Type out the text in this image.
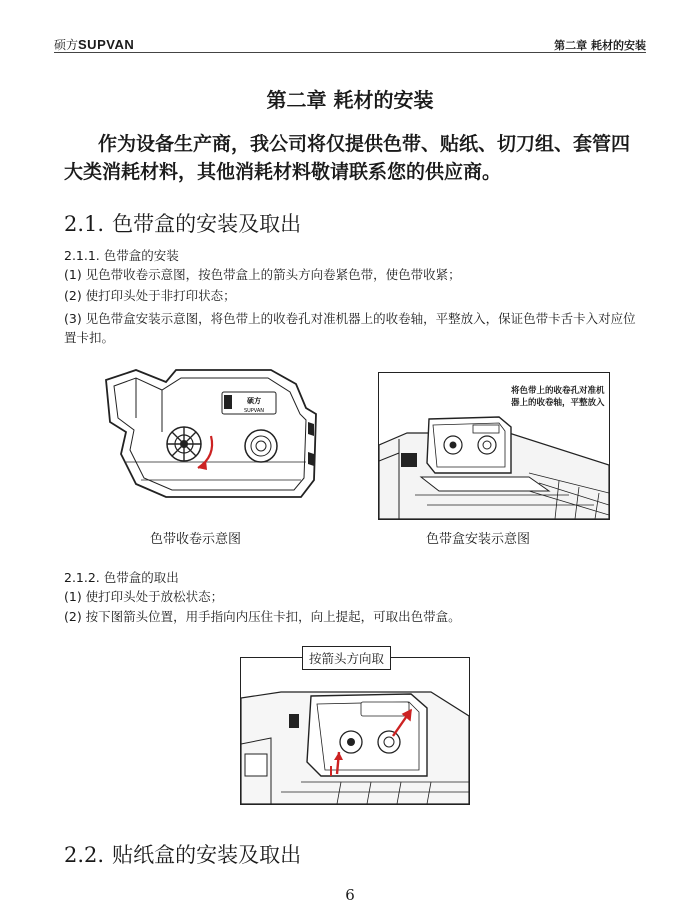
硕方SUPVAN	第二章 耗材的安装
第二章 耗材的安装
作为设备生产商，我公司将仅提供色带、贴纸、切刀组、套管四大类消耗材料，其他消耗材料敬请联系您的供应商。
2.1. 色带盒的安装及取出
2.1.1. 色带盒的安装
(1) 见色带收卷示意图，按色带盒上的箭头方向卷紧色带，使色带收紧；
(2) 使打印头处于非打印状态；
(3) 见色带盒安装示意图，将色带上的收卷孔对准机器上的收卷轴，平整放入，保证色带卡舌卡入对应位置卡扣。
硕方
SUPVAN
色带收卷示意图
将色带上的收卷孔对准机器上的收卷轴，平整放入
色带盒安装示意图
2.1.2. 色带盒的取出
(1) 使打印头处于放松状态；
(2) 按下图箭头位置，用手指向内压住卡扣，向上提起，可取出色带盒。
按箭头方向取
2.2. 贴纸盒的安装及取出
6
